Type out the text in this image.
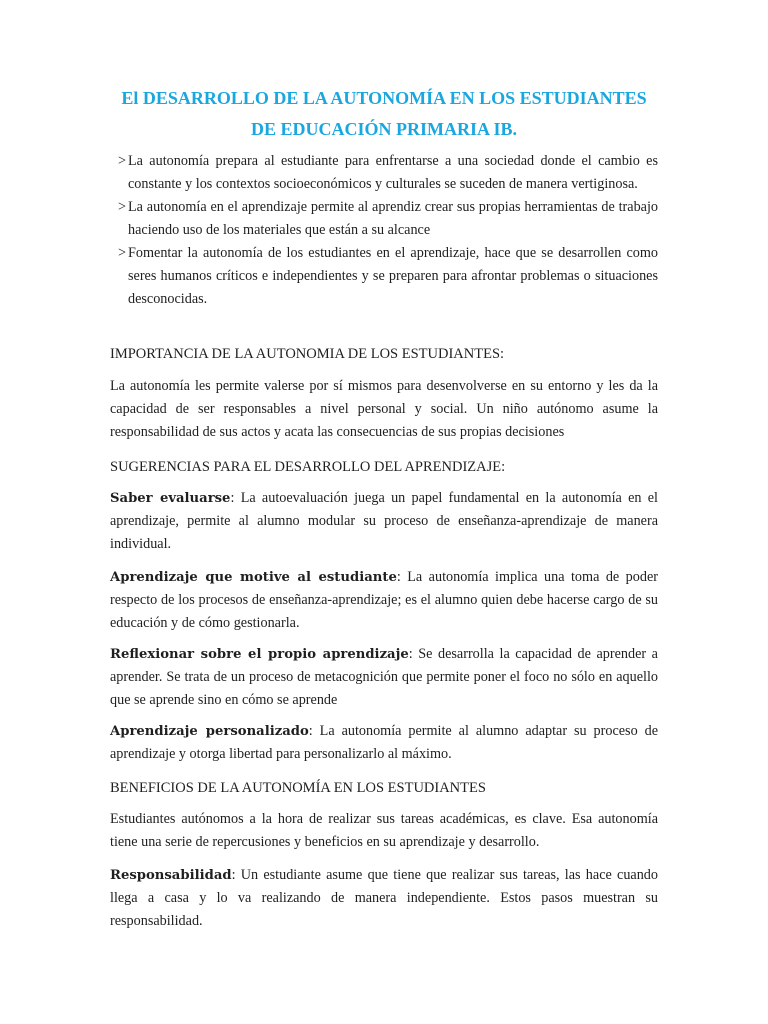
El DESARROLLO DE LA AUTONOMÍA EN LOS ESTUDIANTES
DE EDUCACIÓN PRIMARIA IB.
> La autonomía prepara al estudiante para enfrentarse a una sociedad donde el cambio es constante y los contextos socioeconómicos y culturales se suceden de manera vertiginosa.
> La autonomía en el aprendizaje permite al aprendiz crear sus propias herramientas de trabajo haciendo uso de los materiales que están a su alcance
> Fomentar la autonomía de los estudiantes en el aprendizaje, hace que se desarrollen como seres humanos críticos e independientes y se preparen para afrontar problemas o situaciones desconocidas.
IMPORTANCIA DE LA AUTONOMIA DE LOS ESTUDIANTES:
La autonomía les permite valerse por sí mismos para desenvolverse en su entorno y les da la capacidad de ser responsables a nivel personal y social. Un niño autónomo asume la responsabilidad de sus actos y acata las consecuencias de sus propias decisiones
SUGERENCIAS PARA EL DESARROLLO DEL APRENDIZAJE:
Saber evaluarse: La autoevaluación juega un papel fundamental en la autonomía en el aprendizaje, permite al alumno modular su proceso de enseñanza-aprendizaje de manera individual.
Aprendizaje que motive al estudiante: La autonomía implica una toma de poder respecto de los procesos de enseñanza-aprendizaje; es el alumno quien debe hacerse cargo de su educación y de cómo gestionarla.
Reflexionar sobre el propio aprendizaje: Se desarrolla la capacidad de aprender a aprender. Se trata de un proceso de metacognición que permite poner el foco no sólo en aquello que se aprende sino en cómo se aprende
Aprendizaje personalizado: La autonomía permite al alumno adaptar su proceso de aprendizaje y otorga libertad para personalizarlo al máximo.
BENEFICIOS DE LA AUTONOMÍA EN LOS ESTUDIANTES
Estudiantes autónomos a la hora de realizar sus tareas académicas, es clave. Esa autonomía tiene una serie de repercusiones y beneficios en su aprendizaje y desarrollo.
Responsabilidad: Un estudiante asume que tiene que realizar sus tareas, las hace cuando llega a casa y lo va realizando de manera independiente. Estos pasos muestran su responsabilidad.
